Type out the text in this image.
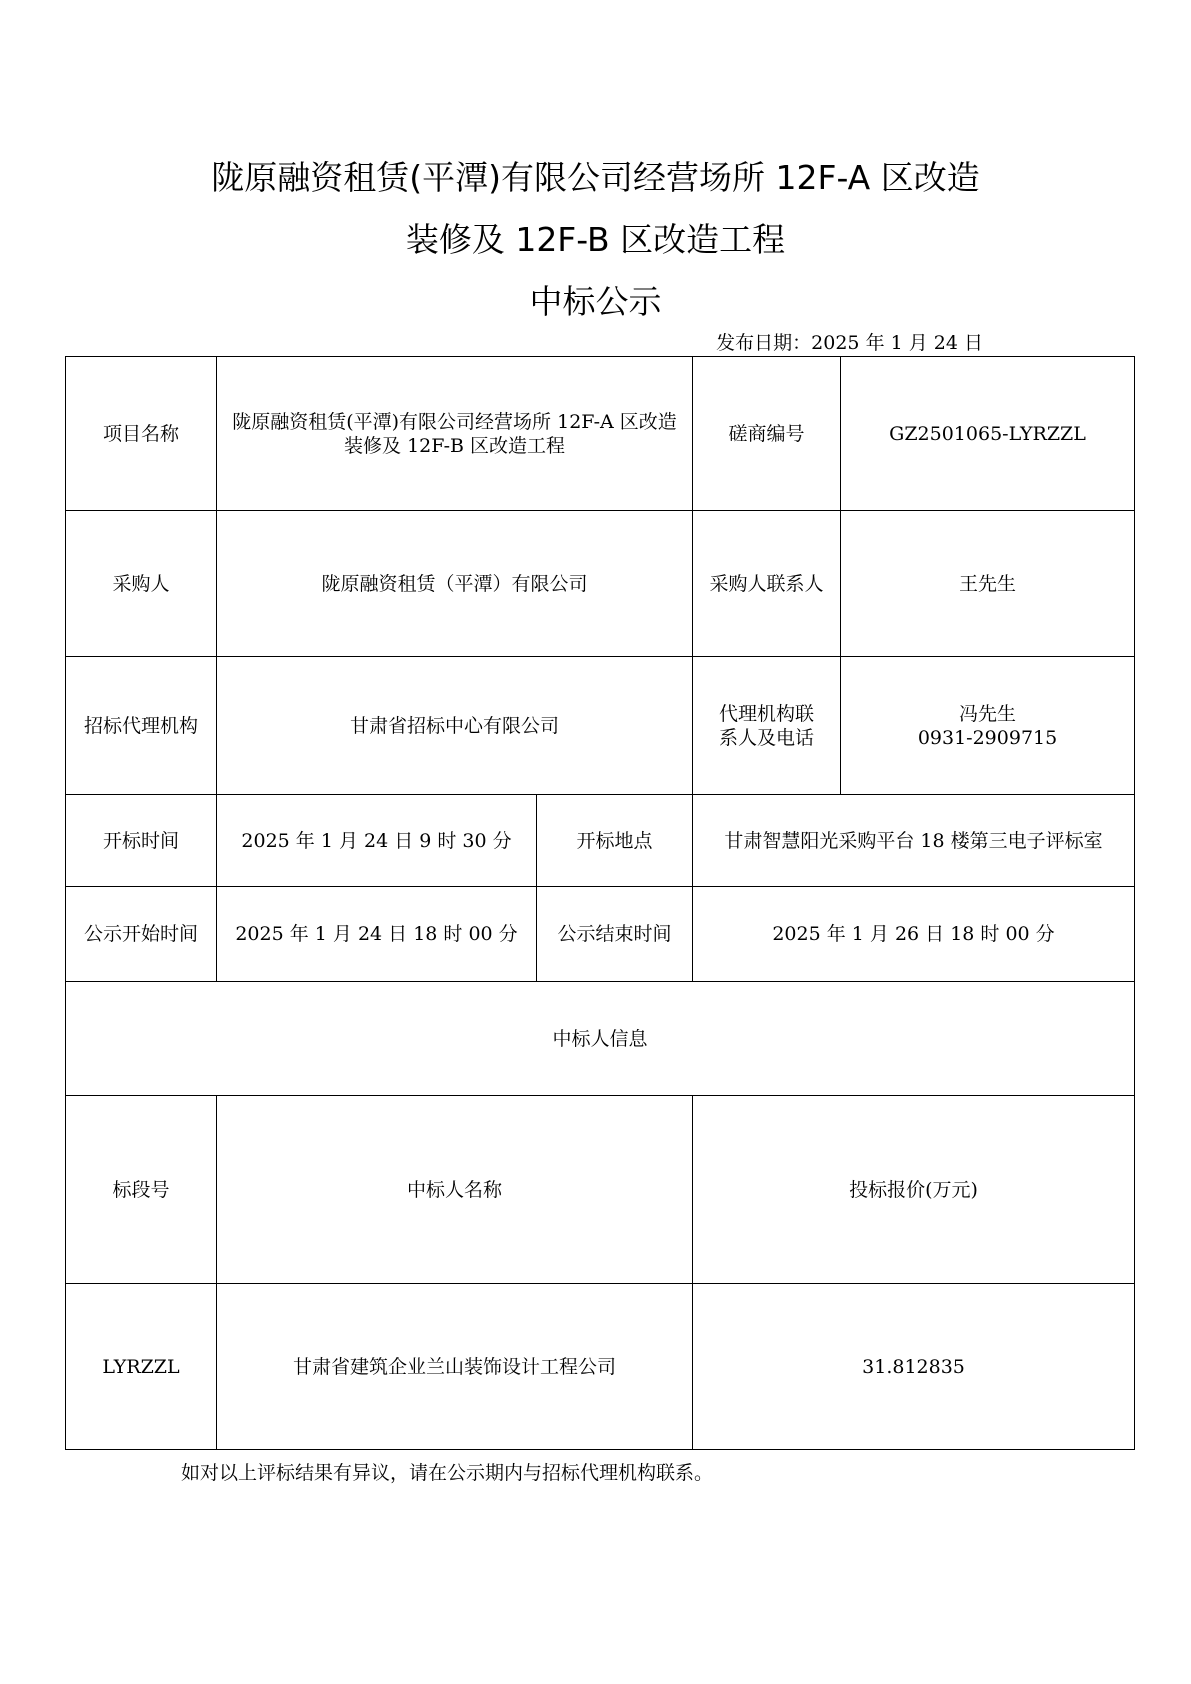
陇原融资租赁(平潭)有限公司经营场所 12F-A 区改造
装修及 12F-B 区改造工程
中标公示
发布日期：2025 年 1 月 24 日
项目名称	陇原融资租赁(平潭)有限公司经营场所 12F-A 区改造装修及 12F-B 区改造工程		磋商编号	GZ2501065-LYRZZL
采购人	陇原融资租赁（平潭）有限公司		采购人联系人	王先生
招标代理机构	甘肃省招标中心有限公司		代理机构联系人及电话	冯先生
0931-2909715

开标时间	2025 年 1 月 24 日 9 时 30 分	开标地点	甘肃智慧阳光采购平台 18 楼第三电子评标室	
公示开始时间	2025 年 1 月 24 日 18 时 00 分	公示结束时间	2025 年 1 月 26 日 18 时 00 分	
中标人信息				
标段号	中标人名称		投标报价(万元)	
LYRZZL	甘肃省建筑企业兰山装饰设计工程公司		31.812835	
如对以上评标结果有异议，请在公示期内与招标代理机构联系。
